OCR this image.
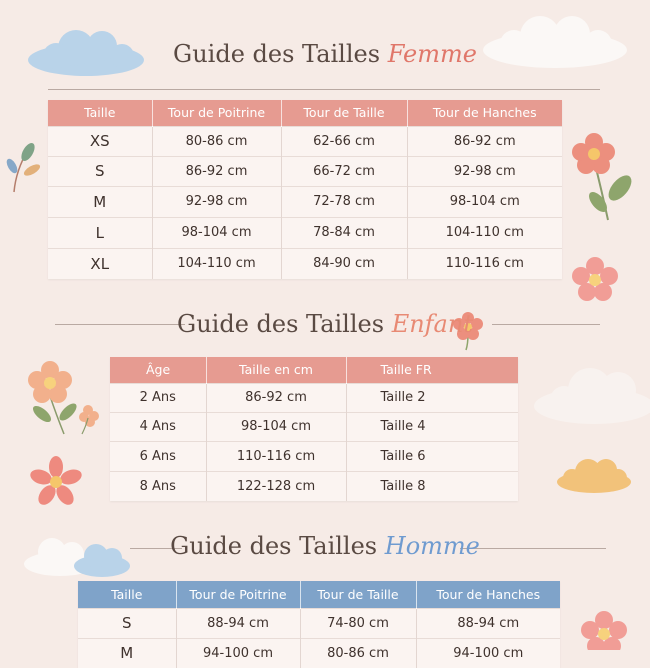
Guide des Tailles Femme
Taille	Tour de Poitrine	Tour de Taille	Tour de Hanches
XS	80-86 cm	62-66 cm	86-92 cm
S	86-92 cm	66-72 cm	92-98 cm
M	92-98 cm	72-78 cm	98-104 cm
L	98-104 cm	78-84 cm	104-110 cm
XL	104-110 cm	84-90 cm	110-116 cm
Guide des Tailles Enfant
Âge	Taille en cm	Taille FR
2 Ans	86-92 cm	Taille 2
4 Ans	98-104 cm	Taille 4
6 Ans	110-116 cm	Taille 6
8 Ans	122-128 cm	Taille 8
Guide des Tailles Homme
Taille	Tour de Poitrine	Tour de Taille	Tour de Hanches
S	88-94 cm	74-80 cm	88-94 cm
M	94-100 cm	80-86 cm	94-100 cm
